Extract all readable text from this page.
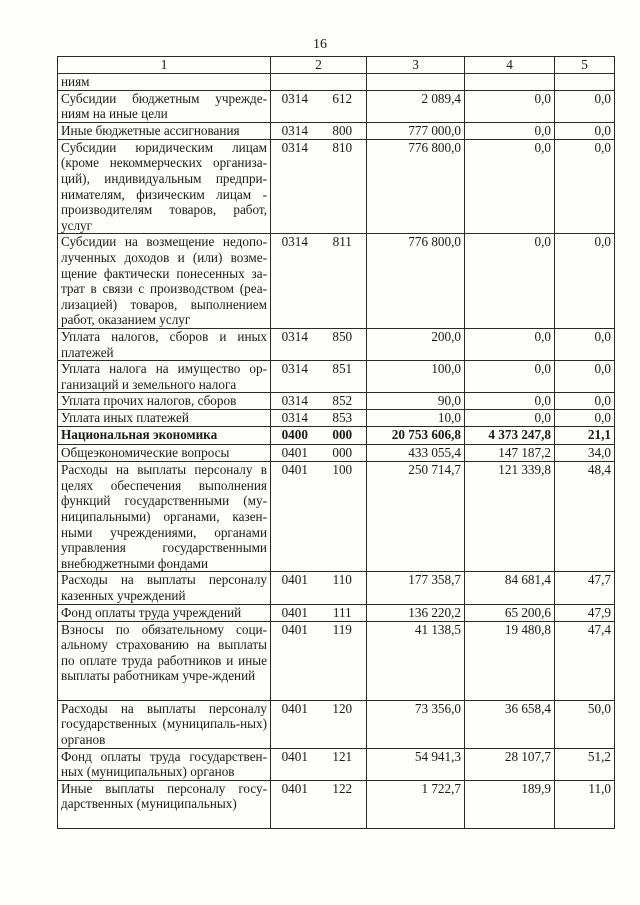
16
1	2		3	4	5
ниям					
Субсидии бюджетным учрежде-ниям на иные цели	0314	612	2 089,4	0,0	0,0
Иные бюджетные ассигнования	0314	800	777 000,0	0,0	0,0
Субсидии юридическим лицам (кроме некоммерческих организа-ций), индивидуальным предпри-нимателям, физическим лицам - производителям товаров, работ, услуг	0314	810	776 800,0	0,0	0,0
Субсидии на возмещение недопо-лученных доходов и (или) возме-щение фактически понесенных за-трат в связи с производством (реа-лизацией) товаров, выполнением работ, оказанием услуг	0314	811	776 800,0	0,0	0,0
Уплата налогов, сборов и иных платежей	0314	850	200,0	0,0	0,0
Уплата налога на имущество ор-ганизаций и земельного налога	0314	851	100,0	0,0	0,0
Уплата прочих налогов, сборов	0314	852	90,0	0,0	0,0
Уплата иных платежей	0314	853	10,0	0,0	0,0
Национальная экономика	0400	000	20 753 606,8	4 373 247,8	21,1
Общеэкономические вопросы	0401	000	433 055,4	147 187,2	34,0
Расходы на выплаты персоналу в целях обеспечения выполнения функций государственными (му-ниципальными) органами, казен-ными учреждениями, органами управления государственными внебюджетными фондами	0401	100	250 714,7	121 339,8	48,4
Расходы на выплаты персоналу казенных учреждений	0401	110	177 358,7	84 681,4	47,7
Фонд оплаты труда учреждений	0401	111	136 220,2	65 200,6	47,9
Взносы по обязательному соци-альному страхованию на выплаты по оплате труда работников и иные выплаты работникам учре-ждений	0401	119	41 138,5	19 480,8	47,4
Расходы на выплаты персоналу государственных (муниципаль-ных) органов	0401	120	73 356,0	36 658,4	50,0
Фонд оплаты труда государствен-ных (муниципальных) органов	0401	121	54 941,3	28 107,7	51,2
Иные выплаты персоналу госу-дарственных (муниципальных)	0401	122	1 722,7	189,9	11,0
